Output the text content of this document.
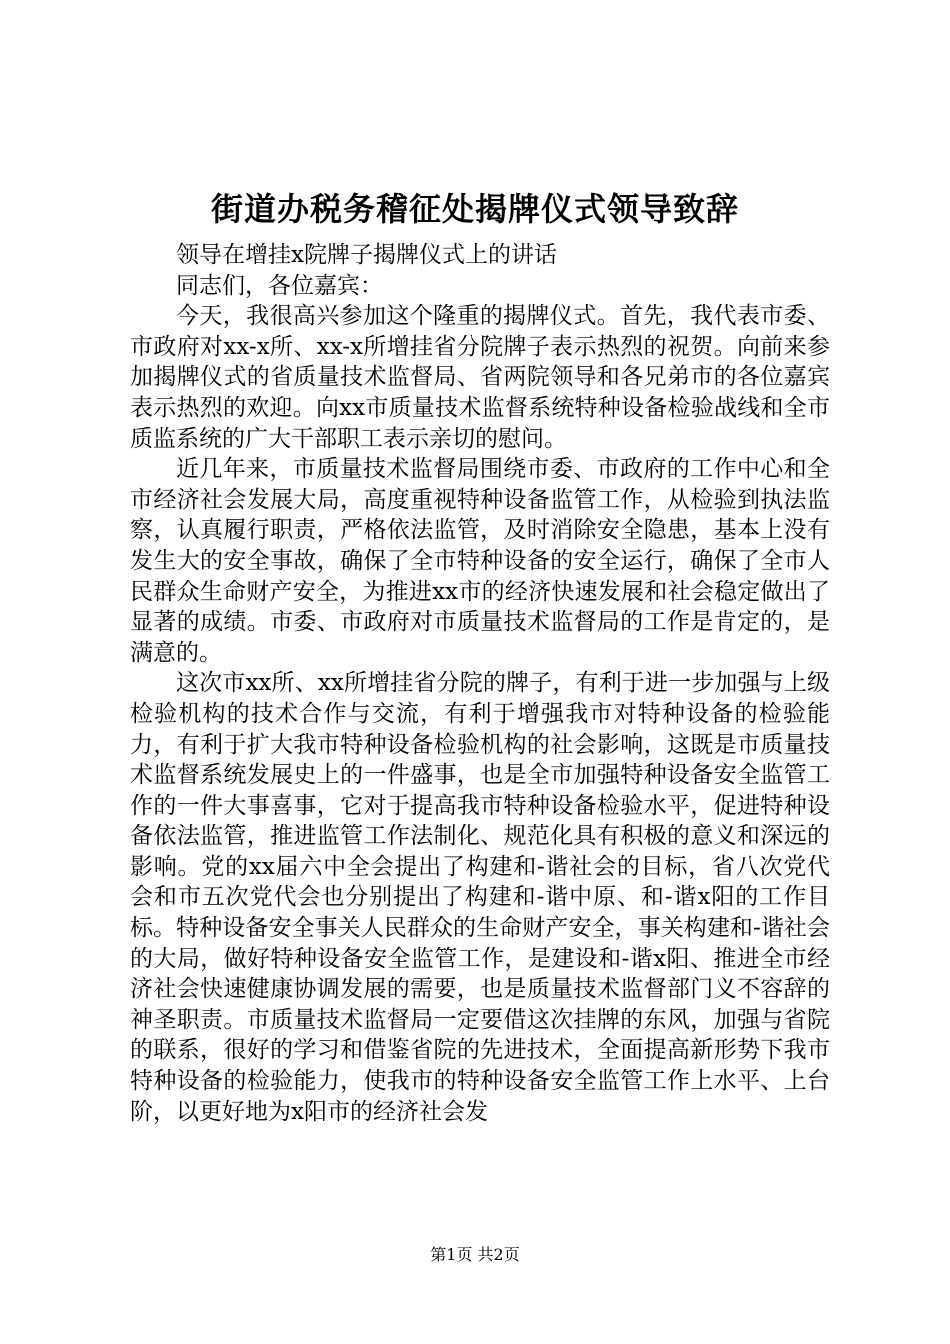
街道办税务稽征处揭牌仪式领导致辞

领导在增挂x院牌子揭牌仪式上的讲话

同志们，各位嘉宾：

今天，我很高兴参加这个隆重的揭牌仪式。首先，我代表市委、市政府对xx-x所、xx-x所增挂省分院牌子表示热烈的祝贺。向前来参加揭牌仪式的省质量技术监督局、省两院领导和各兄弟市的各位嘉宾表示热烈的欢迎。向xx市质量技术监督系统特种设备检验战线和全市质监系统的广大干部职工表示亲切的慰问。

近几年来，市质量技术监督局围绕市委、市政府的工作中心和全市经济社会发展大局，高度重视特种设备监管工作，从检验到执法监察，认真履行职责，严格依法监管，及时消除安全隐患，基本上没有发生大的安全事故，确保了全市特种设备的安全运行，确保了全市人民群众生命财产安全，为推进xx市的经济快速发展和社会稳定做出了显著的成绩。市委、市政府对市质量技术监督局的工作是肯定的，是满意的。

这次市xx所、xx所增挂省分院的牌子，有利于进一步加强与上级检验机构的技术合作与交流，有利于增强我市对特种设备的检验能力，有利于扩大我市特种设备检验机构的社会影响，这既是市质量技术监督系统发展史上的一件盛事，也是全市加强特种设备安全监管工作的一件大事喜事，它对于提高我市特种设备检验水平，促进特种设备依法监管，推进监管工作法制化、规范化具有积极的意义和深远的影响。党的xx届六中全会提出了构建和-谐社会的目标，省八次党代会和市五次党代会也分别提出了构建和-谐中原、和-谐x阳的工作目标。特种设备安全事关人民群众的生命财产安全，事关构建和-谐社会的大局，做好特种设备安全监管工作，是建设和-谐x阳、推进全市经济社会快速健康协调发展的需要，也是质量技术监督部门义不容辞的神圣职责。市质量技术监督局一定要借这次挂牌的东风，加强与省院的联系，很好的学习和借鉴省院的先进技术，全面提高新形势下我市特种设备的检验能力，使我市的特种设备安全监管工作上水平、上台阶，以更好地为x阳市的经济社会发

第1页 共2页
